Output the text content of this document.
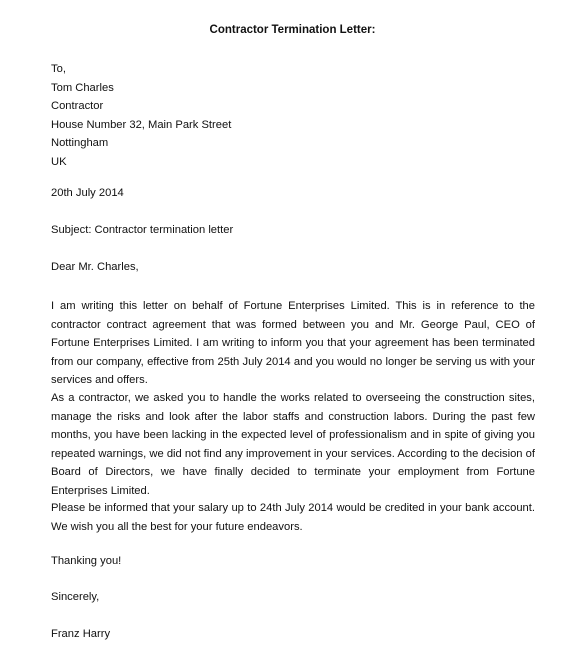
Contractor Termination Letter:
To,
Tom Charles
Contractor
House Number 32, Main Park Street
Nottingham
UK
20th July 2014
Subject: Contractor termination letter
Dear Mr. Charles,
I am writing this letter on behalf of Fortune Enterprises Limited. This is in reference to the contractor contract agreement that was formed between you and Mr. George Paul, CEO of Fortune Enterprises Limited. I am writing to inform you that your agreement has been terminated from our company, effective from 25th July 2014 and you would no longer be serving us with your services and offers.
As a contractor, we asked you to handle the works related to overseeing the construction sites, manage the risks and look after the labor staffs and construction labors. During the past few months, you have been lacking in the expected level of professionalism and in spite of giving you repeated warnings, we did not find any improvement in your services. According to the decision of Board of Directors, we have finally decided to terminate your employment from Fortune Enterprises Limited.
Please be informed that your salary up to 24th July 2014 would be credited in your bank account. We wish you all the best for your future endeavors.
Thanking you!
Sincerely,
Franz Harry
